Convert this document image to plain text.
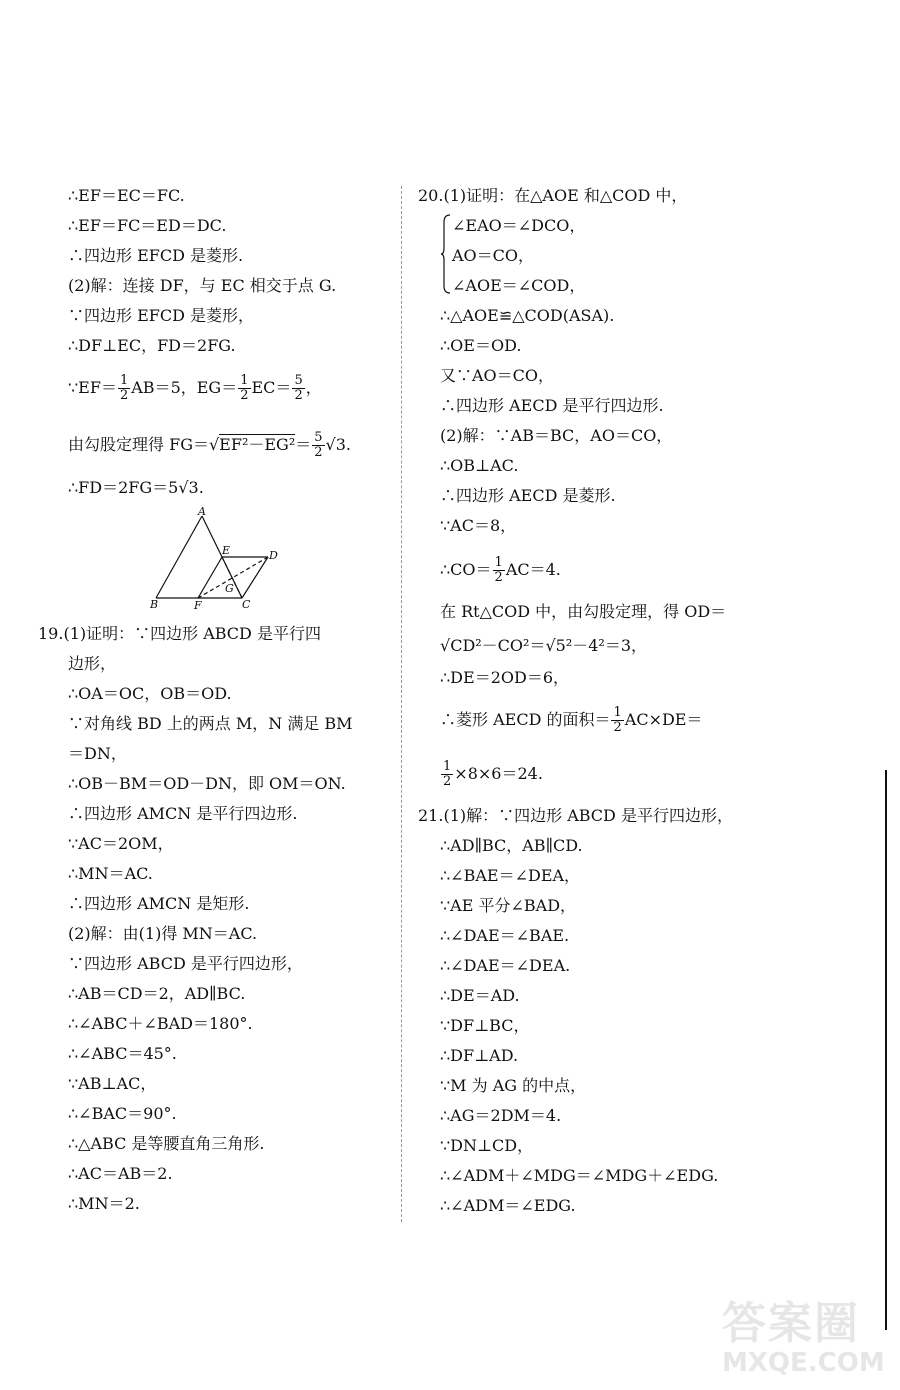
∴EF＝EC＝FC.
∴EF＝FC＝ED＝DC.
∴四边形 EFCD 是菱形.
(2)解：连接 DF，与 EC 相交于点 G.
∵四边形 EFCD 是菱形，
∴DF⊥EC，FD＝2FG.
∵EF＝ $\frac{1}{2} AB=5$，$EG= \frac{1}{2} EC= \frac{5}{2}$ ，
由勾股定理得 $FG=√EF^2-EG^2= \frac{5}{2} √3$.
∴FD＝2FG＝5√3.
19.(1)证明：∵四边形 ABCD 是平行四
边形，
∴OA＝OC，OB＝OD.
∵对角线 BD 上的两点 M，N 满足 BM
＝DN，
∴OB－BM＝OD－DN，即 OM＝ON.
∴四边形 AMCN 是平行四边形.
∵AC＝2OM，
∴MN＝AC.
∴四边形 AMCN 是矩形.
(2)解：由(1)得 MN＝AC.
∵四边形 ABCD 是平行四边形，
∴AB＝CD＝2，AD∥BC.
∴∠ABC＋∠BAD＝180°.
∴∠ABC＝45°.
∵AB⊥AC，
∴∠BAC＝90°.
∴△ABC 是等腰直角三角形.
∴AC＝AB＝2.
∴MN＝2.
20.(1)证明：在△AOE 和△COD 中，
∠EAO＝∠DCO，
AO＝CO，
∠AOE＝∠COD，
∴△AOE≌△COD(ASA).
∴OE＝OD.
又∵AO＝CO，
∴四边形 AECD 是平行四边形.
(2)解：∵AB＝BC，AO＝CO，
∴OB⊥AC.
∴四边形 AECD 是菱形.
∵AC＝8，
∴CO＝ $\frac{1}{2} AC=4$.
在 Rt△COD 中，由勾股定理，得 OD＝
√CD²－CO²＝√5²－4²＝3，
∴DE＝2OD＝6，
∴菱形 AECD 的面积＝ $\frac{1}{2} AC\times DE=$
$\frac{1}{2} \times 8\times 6=24$.
21.(1)解：∵四边形 ABCD 是平行四边形，
∴AD∥BC，AB∥CD.
∴∠BAE＝∠DEA，
∵AE 平分∠BAD，
∴∠DAE＝∠BAE.
∴∠DAE＝∠DEA.
∴DE＝AD.
∵DF⊥BC，
∴DF⊥AD.
∵M 为 AG 的中点，
∴AG＝2DM＝4.
∵DN⊥CD，
∴∠ADM＋∠MDG＝∠MDG＋∠EDG.
∴∠ADM＝∠EDG.
A
B	C
D
E
F
G
答案圈
MXQE.COM
